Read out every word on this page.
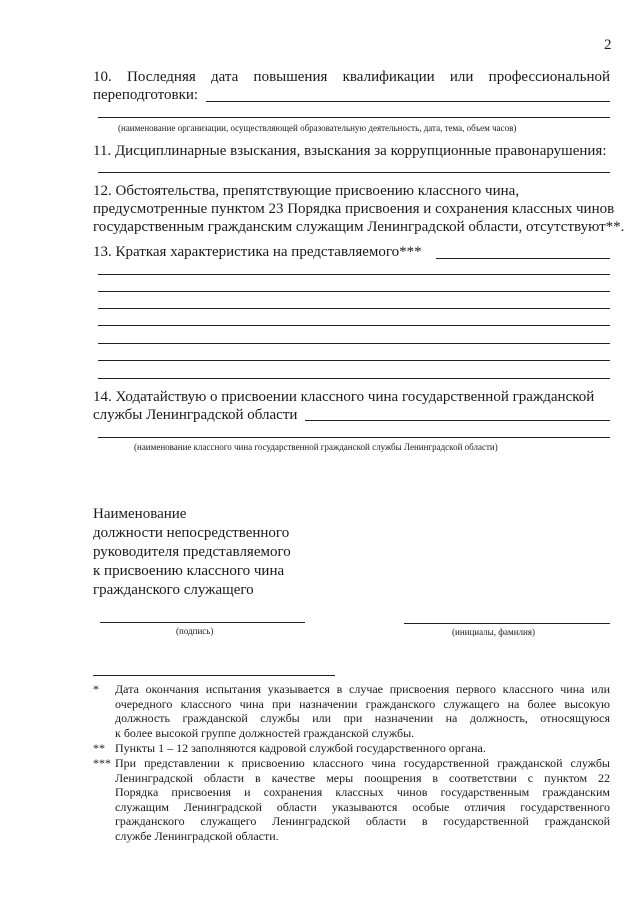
2
10. Последняя дата повышения квалификации или профессиональной
переподготовки:
(наименование организации, осуществляющей образовательную деятельность, дата, тема, объем часов)
11. Дисциплинарные взыскания, взыскания за коррупционные правонарушения:
12. Обстоятельства, препятствующие присвоению классного чина,
предусмотренные пунктом 23 Порядка присвоения и сохранения классных чинов
государственным гражданским служащим Ленинградской области, отсутствуют**.
13. Краткая характеристика на представляемого***
14. Ходатайствую о присвоении классного чина государственной гражданской
службы Ленинградской области
(наименование классного чина государственной гражданской службы Ленинградской области)
Наименование
должности непосредственного
руководителя представляемого
к присвоению классного чина
гражданского служащего
(подпись)	(инициалы, фамилия)
* Дата окончания испытания указывается в случае присвоения первого классного чина или
очередного классного чина при назначении гражданского служащего на более высокую
должность гражданской службы или при назначении на должность, относящуюся
к более высокой группе должностей гражданской службы.
** Пункты 1 – 12 заполняются кадровой службой государственного органа.
*** При представлении к присвоению классного чина государственной гражданской службы
Ленинградской области в качестве меры поощрения в соответствии с пунктом 22
Порядка присвоения и сохранения классных чинов государственным гражданским
служащим Ленинградской области указываются особые отличия государственного
гражданского служащего Ленинградской области в государственной гражданской
службе Ленинградской области.
